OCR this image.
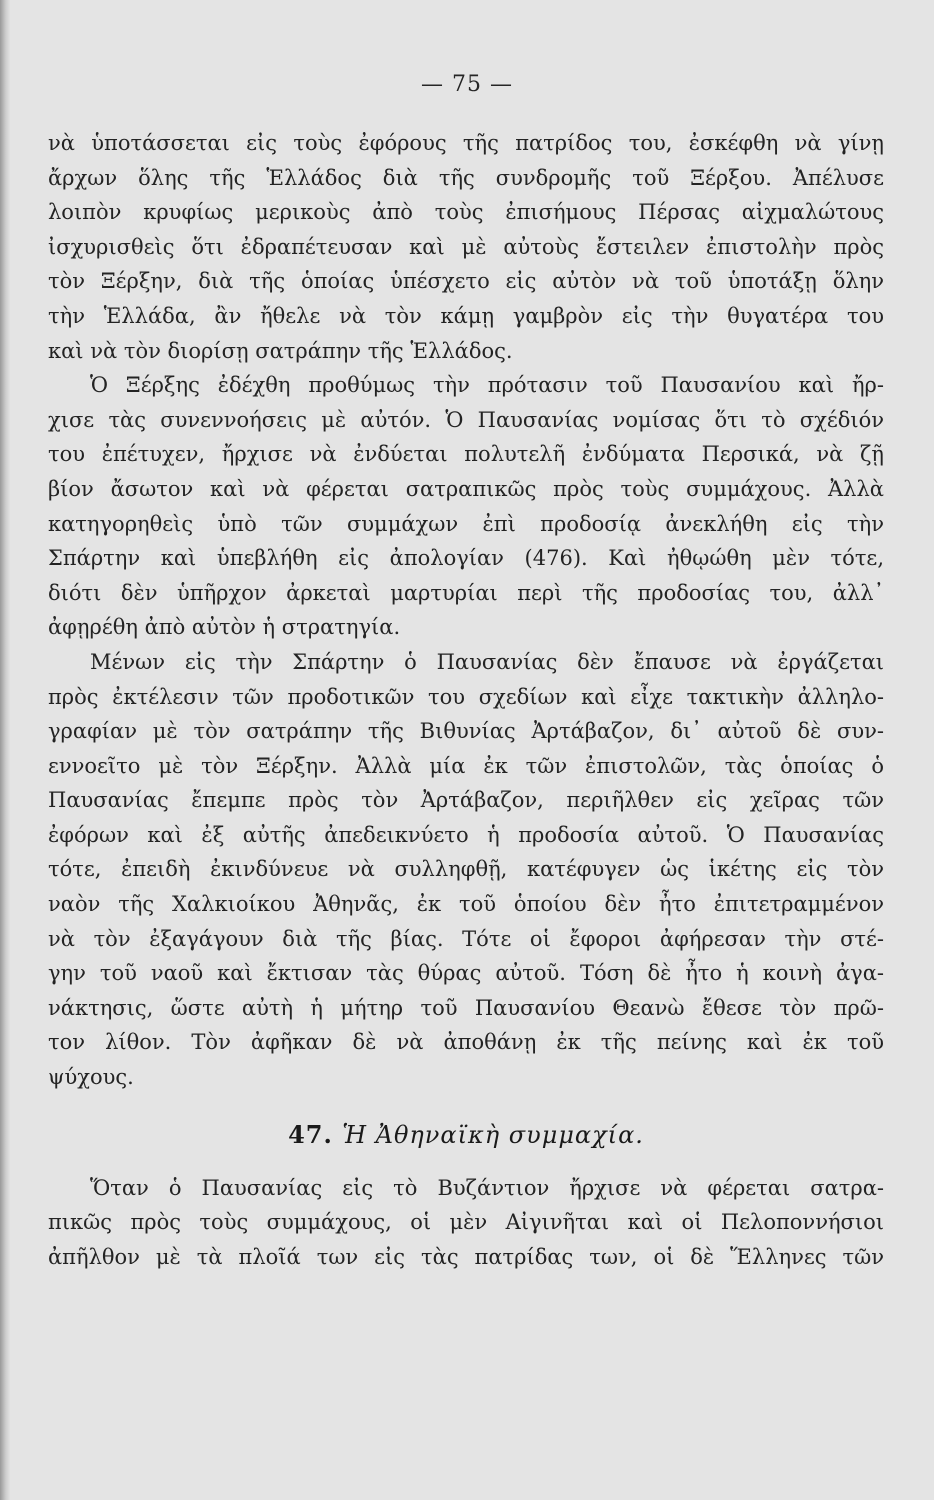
— 75 —
νὰ ὑποτάσσεται εἰς τοὺς ἐφόρους τῆς πατρίδος του, ἐσκέφθη νὰ γίνῃ
ἄρχων ὅλης τῆς Ἑλλάδος διὰ τῆς συνδρομῆς τοῦ Ξέρξου. Ἀπέλυσε
λοιπὸν κρυφίως μερικοὺς ἀπὸ τοὺς ἐπισήμους Πέρσας αἰχμαλώτους
ἰσχυρισθεὶς ὅτι ἐδραπέτευσαν καὶ μὲ αὐτοὺς ἔστειλεν ἐπιστολὴν πρὸς
τὸν Ξέρξην, διὰ τῆς ὁποίας ὑπέσχετο εἰς αὐτὸν νὰ τοῦ ὑποτάξῃ ὅλην
τὴν Ἑλλάδα, ἂν ἤθελε νὰ τὸν κάμῃ γαμβρὸν εἰς τὴν θυγατέρα του
καὶ νὰ τὸν διορίσῃ σατράπην τῆς Ἑλλάδος.
Ὁ Ξέρξης ἐδέχθη προθύμως τὴν πρότασιν τοῦ Παυσανίου καὶ ἤρ-
χισε τὰς συνεννοήσεις μὲ αὐτόν. Ὁ Παυσανίας νομίσας ὅτι τὸ σχέδιόν
του ἐπέτυχεν, ἤρχισε νὰ ἐνδύεται πολυτελῆ ἐνδύματα Περσικά, νὰ ζῇ
βίον ἄσωτον καὶ νὰ φέρεται σατραπικῶς πρὸς τοὺς συμμάχους. Ἀλλὰ
κατηγορηθεὶς ὑπὸ τῶν συμμάχων ἐπὶ προδοσίᾳ ἀνεκλήθη εἰς τὴν
Σπάρτην καὶ ὑπεβλήθη εἰς ἀπολογίαν (476). Καὶ ἠθῳώθη μὲν τότε,
διότι δὲν ὑπῆρχον ἀρκεταὶ μαρτυρίαι περὶ τῆς προδοσίας του, ἀλλ᾽
ἀφῃρέθη ἀπὸ αὐτὸν ἡ στρατηγία.
Μένων εἰς τὴν Σπάρτην ὁ Παυσανίας δὲν ἔπαυσε νὰ ἐργάζεται
πρὸς ἐκτέλεσιν τῶν προδοτικῶν του σχεδίων καὶ εἶχε τακτικὴν ἀλληλο-
γραφίαν μὲ τὸν σατράπην τῆς Βιθυνίας Ἀρτάβαζον, δι᾽ αὐτοῦ δὲ συν-
εννοεῖτο μὲ τὸν Ξέρξην. Ἀλλὰ μία ἐκ τῶν ἐπιστολῶν, τὰς ὁποίας ὁ
Παυσανίας ἔπεμπε πρὸς τὸν Ἀρτάβαζον, περιῆλθεν εἰς χεῖρας τῶν
ἐφόρων καὶ ἐξ αὐτῆς ἀπεδεικνύετο ἡ προδοσία αὐτοῦ. Ὁ Παυσανίας
τότε, ἐπειδὴ ἐκινδύνευε νὰ συλληφθῇ, κατέφυγεν ὡς ἱκέτης εἰς τὸν
ναὸν τῆς Χαλκιοίκου Ἀθηνᾶς, ἐκ τοῦ ὁποίου δὲν ἦτο ἐπιτετραμμένον
νὰ τὸν ἐξαγάγουν διὰ τῆς βίας. Τότε οἱ ἔφοροι ἀφήρεσαν τὴν στέ-
γην τοῦ ναοῦ καὶ ἔκτισαν τὰς θύρας αὐτοῦ. Τόση δὲ ἦτο ἡ κοινὴ ἀγα-
νάκτησις, ὥστε αὐτὴ ἡ μήτηρ τοῦ Παυσανίου Θεανὼ ἔθεσε τὸν πρῶ-
τον λίθον. Τὸν ἀφῆκαν δὲ νὰ ἀποθάνῃ ἐκ τῆς πείνης καὶ ἐκ τοῦ
ψύχους.
47. Ἡ Ἀθηναϊκὴ συμμαχία.
Ὅταν ὁ Παυσανίας εἰς τὸ Βυζάντιον ἤρχισε νὰ φέρεται σατρα-
πικῶς πρὸς τοὺς συμμάχους, οἱ μὲν Αἰγινῆται καὶ οἱ Πελοποννήσιοι
ἀπῆλθον μὲ τὰ πλοῖά των εἰς τὰς πατρίδας των, οἱ δὲ Ἕλληνες τῶν
